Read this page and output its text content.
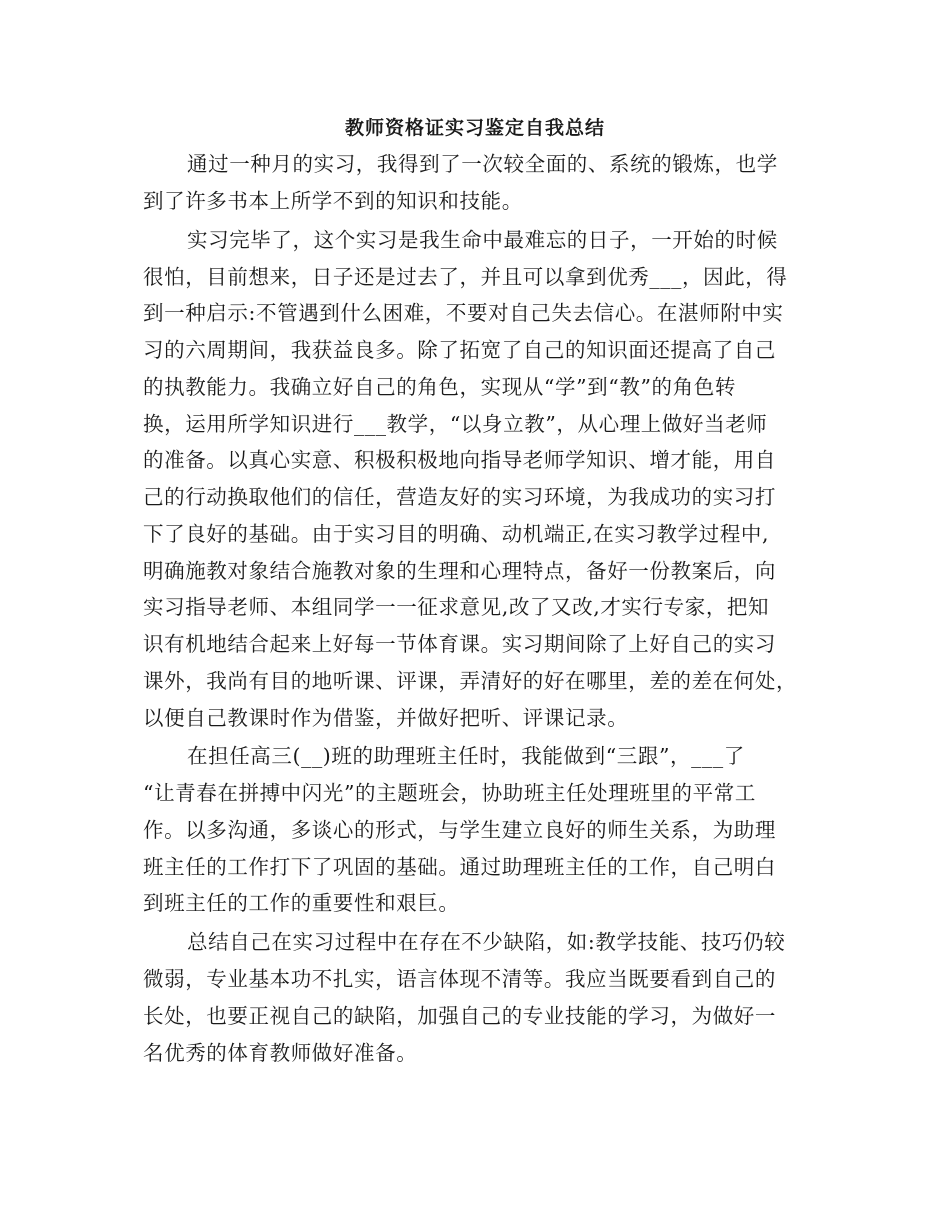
教师资格证实习鉴定自我总结
通过一种月的实习，我得到了一次较全面的、系统的锻炼，也学
到了许多书本上所学不到的知识和技能。
实习完毕了，这个实习是我生命中最难忘的日子，一开始的时候
很怕，目前想来，日子还是过去了，并且可以拿到优秀___，因此，得
到一种启示:不管遇到什么困难，不要对自己失去信心。在湛师附中实
习的六周期间，我获益良多。除了拓宽了自己的知识面还提高了自己
的执教能力。我确立好自己的角色，实现从“学”到“教”的角色转
换，运用所学知识进行___教学，“以身立教”，从心理上做好当老师
的准备。以真心实意、积极积极地向指导老师学知识、增才能，用自
己的行动换取他们的信任，营造友好的实习环境，为我成功的实习打
下了良好的基础。由于实习目的明确、动机端正,在实习教学过程中,
明确施教对象结合施教对象的生理和心理特点，备好一份教案后，向
实习指导老师、本组同学一一征求意见,改了又改,才实行专家，把知
识有机地结合起来上好每一节体育课。实习期间除了上好自己的实习
课外，我尚有目的地听课、评课，弄清好的好在哪里，差的差在何处，
以便自己教课时作为借鉴，并做好把听、评课记录。
在担任高三(__)班的助理班主任时，我能做到“三跟”，___了
“让青春在拼搏中闪光”的主题班会，协助班主任处理班里的平常工
作。以多沟通，多谈心的形式，与学生建立良好的师生关系，为助理
班主任的工作打下了巩固的基础。通过助理班主任的工作，自己明白
到班主任的工作的重要性和艰巨。
总结自己在实习过程中在存在不少缺陷，如:教学技能、技巧仍较
微弱，专业基本功不扎实，语言体现不清等。我应当既要看到自己的
长处，也要正视自己的缺陷，加强自己的专业技能的学习，为做好一
名优秀的体育教师做好准备。
